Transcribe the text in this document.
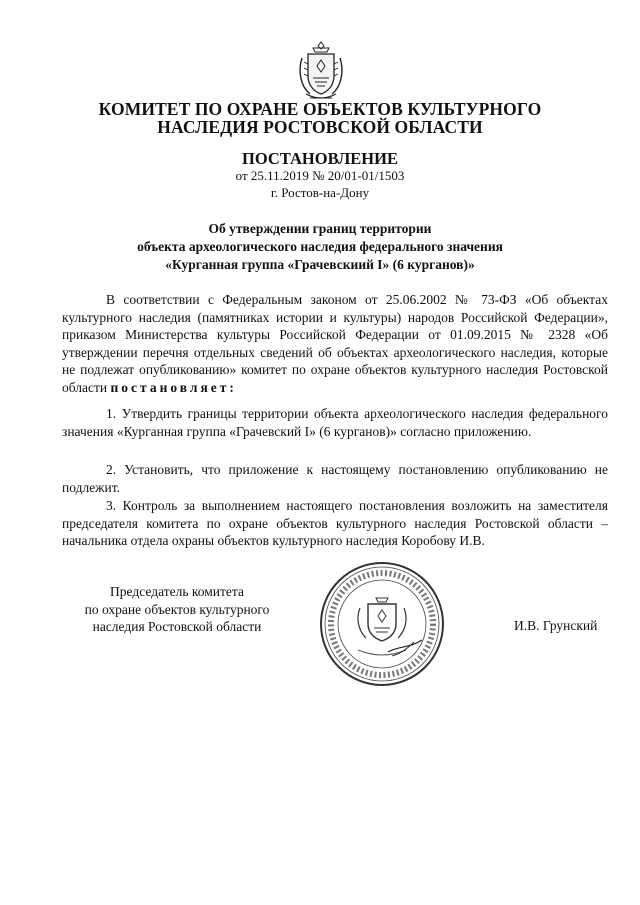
КОМИТЕТ ПО ОХРАНЕ ОБЪЕКТОВ КУЛЬТУРНОГО
НАСЛЕДИЯ РОСТОВСКОЙ ОБЛАСТИ
ПОСТАНОВЛЕНИЕ
от 25.11.2019 № 20/01-01/1503
г. Ростов-на-Дону
Об утверждении границ территории
объекта археологического наследия федерального значения
«Курганная группа «Грачевскиий I» (6 курганов)»

В соответствии с Федеральным законом от 25.06.2002 № 73-ФЗ «Об объектах культурного наследия (памятниках истории и культуры) народов Российской Федерации», приказом Министерства культуры Российской Федерации от 01.09.2015 № 2328 «Об утверждении перечня отдельных сведений об объектах археологического наследия, которые не подлежат опубликованию» комитет по охране объектов культурного наследия Ростовской области постановляет:

1. Утвердить границы территории объекта археологического наследия федерального значения «Курганная группа «Грачевский I» (6 курганов)» согласно приложению.

2. Установить, что приложение к настоящему постановлению опубликованию не подлежит.

3. Контроль за выполнением настоящего постановления возложить на заместителя председателя комитета по охране объектов культурного наследия Ростовской области – начальника отдела охраны объектов культурного наследия Коробову И.В.

Председатель комитета
по охране объектов культурного
наследия Ростовской области	И.В. Грунский
